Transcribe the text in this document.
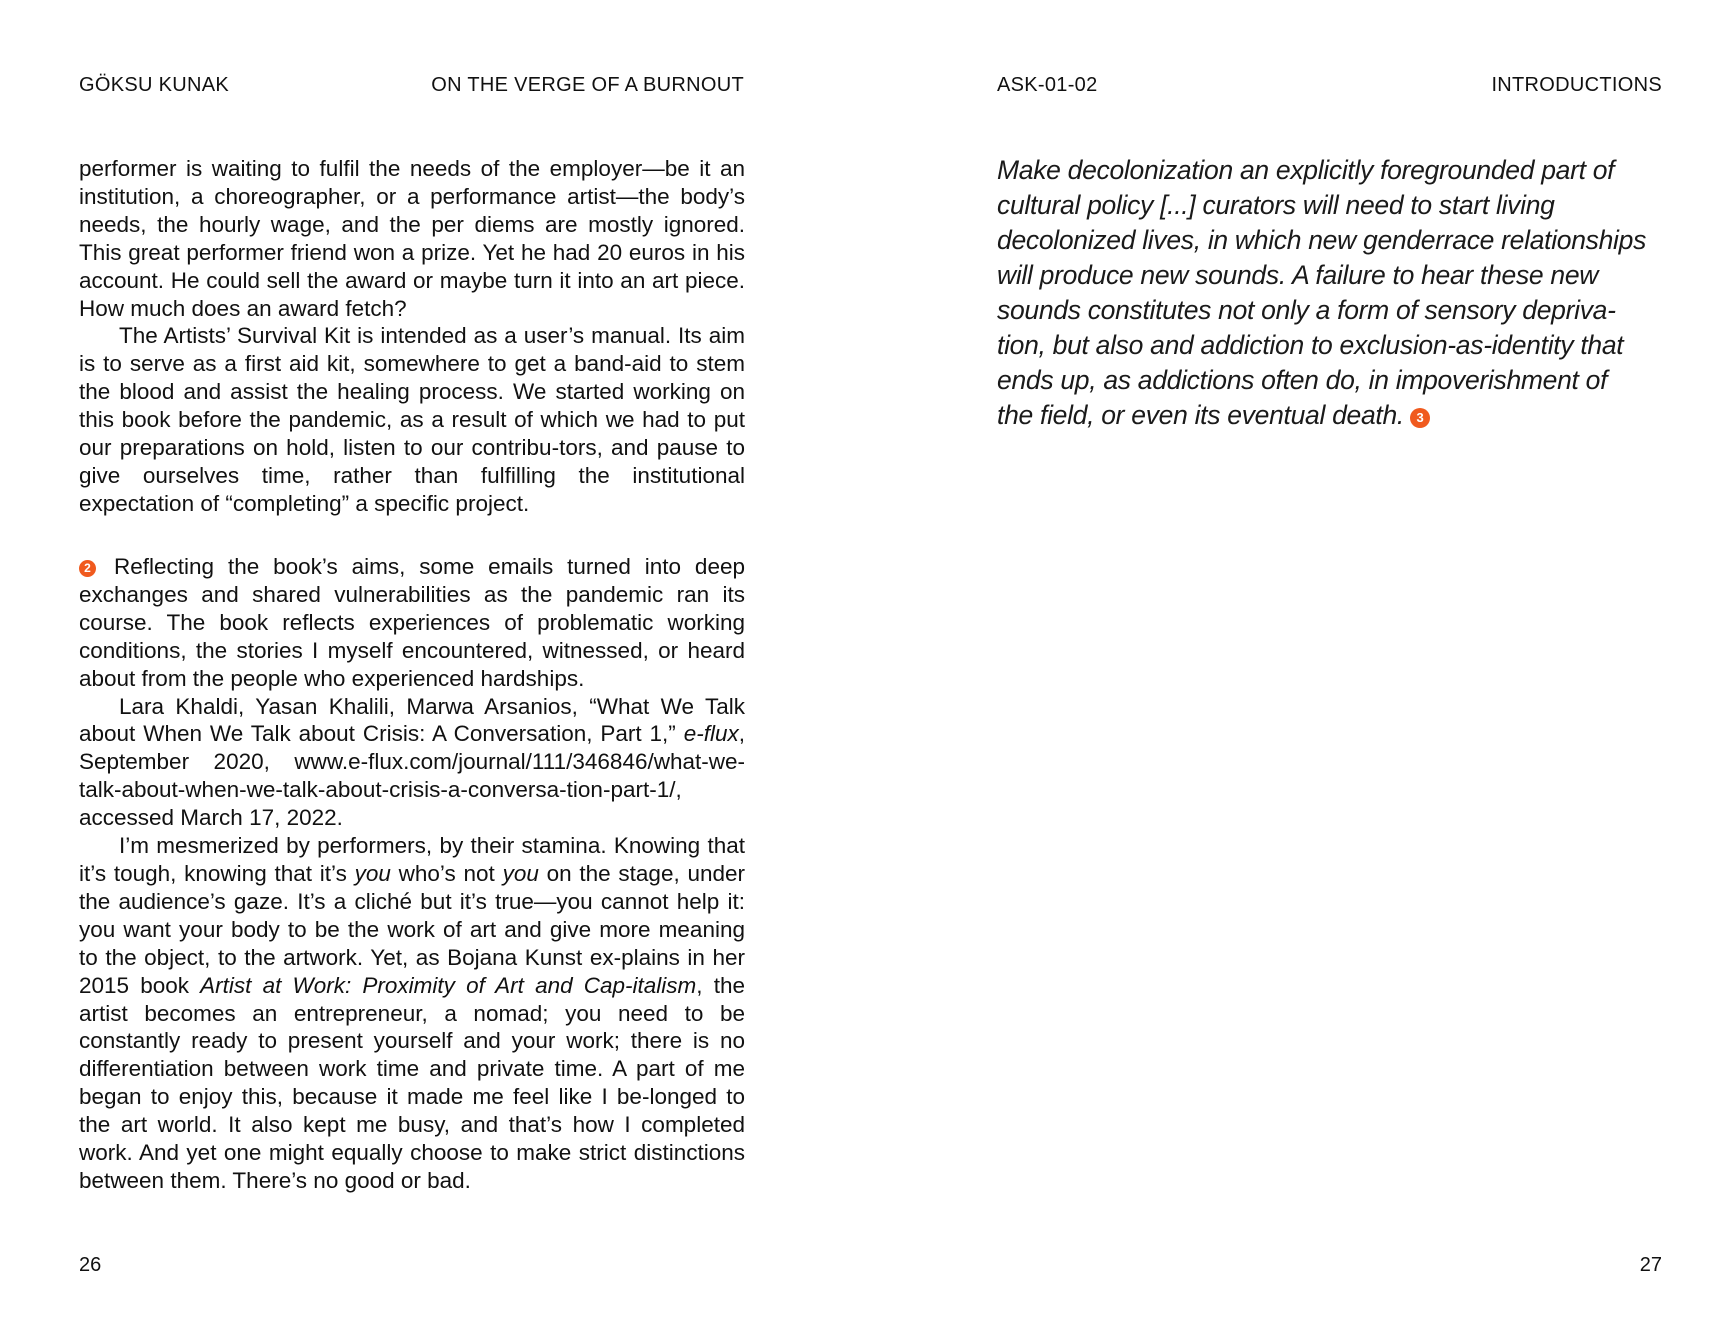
GÖKSU KUNAK	ON THE VERGE OF A BURNOUT

performer is waiting to fulfil the needs of the employer—be it an institution, a choreographer, or a performance artist—the body’s needs, the hourly wage, and the per diems are mostly ignored. This great performer friend won a prize. Yet he had 20 euros in his account. He could sell the award or maybe turn it into an art piece. How much does an award fetch?

The Artists’ Survival Kit is intended as a user’s manual. Its aim is to serve as a first aid kit, somewhere to get a band-aid to stem the blood and assist the healing process. We started working on this book before the pandemic, as a result of which we had to put our preparations on hold, listen to our contribu-tors, and pause to give ourselves time, rather than fulfilling the institutional expectation of “completing” a specific project.

2 Reflecting the book’s aims, some emails turned into deep exchanges and shared vulnerabilities as the pandemic ran its course. The book reflects experiences of problematic working conditions, the stories I myself encountered, witnessed, or heard about from the people who experienced hardships.

Lara Khaldi, Yasan Khalili, Marwa Arsanios, “What We Talk about When We Talk about Crisis: A Conversation, Part 1,” e-flux, September 2020, www.e-flux.com/journal/111/346846/what-we-talk-about-when-we-talk-about-crisis-a-conversa-tion-part-1/, accessed March 17, 2022.

I’m mesmerized by performers, by their stamina. Knowing that it’s tough, knowing that it’s you who’s not you on the stage, under the audience’s gaze. It’s a cliché but it’s true—you cannot help it: you want your body to be the work of art and give more meaning to the object, to the artwork. Yet, as Bojana Kunst ex-plains in her 2015 book Artist at Work: Proximity of Art and Cap-italism, the artist becomes an entrepreneur, a nomad; you need to be constantly ready to present yourself and your work; there is no differentiation between work time and private time. A part of me began to enjoy this, because it made me feel like I be-longed to the art world. It also kept me busy, and that’s how I completed work. And yet one might equally choose to make strict distinctions between them. There’s no good or bad.

26
ASK-01-02	INTRODUCTIONS
Make decolonization an explicitly foregrounded part of
cultural policy [...] curators will need to start living
decolonized lives, in which new genderrace relationships
will produce new sounds. A failure to hear these new
sounds constitutes not only a form of sensory depriva-
tion, but also and addiction to exclusion-as-identity that
ends up, as addictions often do, in impoverishment of
the field, or even its eventual death. 3
27
